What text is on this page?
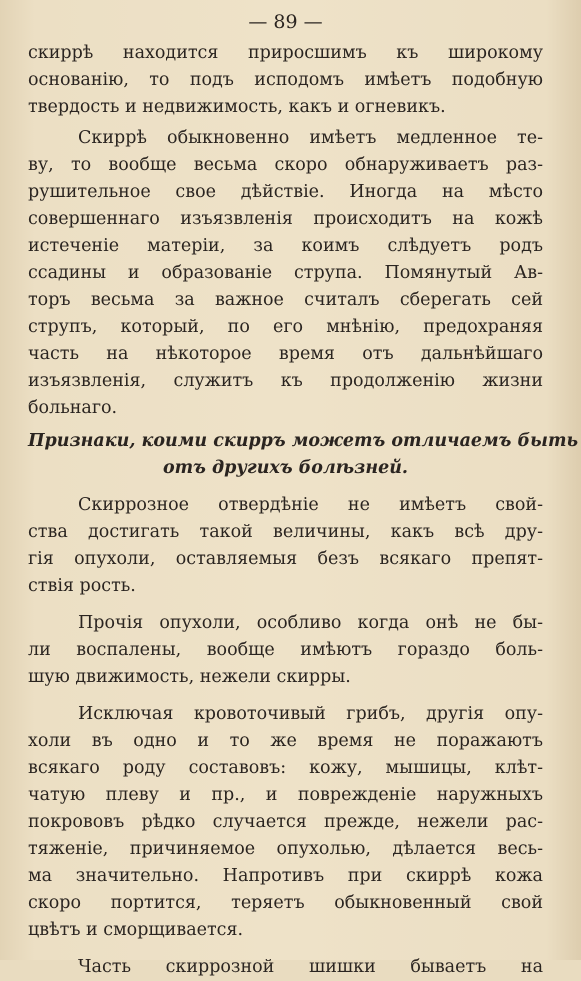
— 89 —
скиррѣ находится приросшимъ къ широкому
основанію, то подъ исподомъ имѣетъ подобную
твердость и недвижимость, какъ и огневикъ.
Скиррѣ обыкновенно имѣетъ медленное те-
ву, то вообще весьма скоро обнаруживаетъ раз-
рушительное свое дѣйствіе. Иногда на мѣсто
совершеннаго изъязвленія происходитъ на кожѣ
истеченіе матеріи, за коимъ слѣдуетъ родъ
ссадины и образованіе струпа. Помянутый Ав-
торъ весьма за важное считалъ сберегать сей
струпъ, который, по его мнѣнію, предохраняя
часть на нѣкоторое время отъ дальнѣйшаго
изъязвленія, служитъ къ продолженію жизни
больнаго.
Признаки, коими скирръ можетъ отличаемъ быть
отъ другихъ болѣзней.
Скиррозное отвердѣніе не имѣетъ свой-
ства достигать такой величины, какъ всѣ дру-
гія опухоли, оставляемыя безъ всякаго препят-
ствія рость.
Прочія опухоли, особливо когда онѣ не бы-
ли воспалены, вообще имѣютъ гораздо боль-
шую движимость, нежели скирры.
Исключая кровоточивый грибъ, другія опу-
холи въ одно и то же время не поражаютъ
всякаго роду составовъ: кожу, мышицы, клѣт-
чатую плеву и пр., и поврежденіе наружныхъ
покрововъ рѣдко случается прежде, нежели рас-
тяженіе, причиняемое опухолью, дѣлается весь-
ма значительно. Напротивъ при скиррѣ кожа
скоро портится, теряетъ обыкновенный свой
цвѣтъ и сморщивается.
Часть скиррозной шишки бываетъ на
